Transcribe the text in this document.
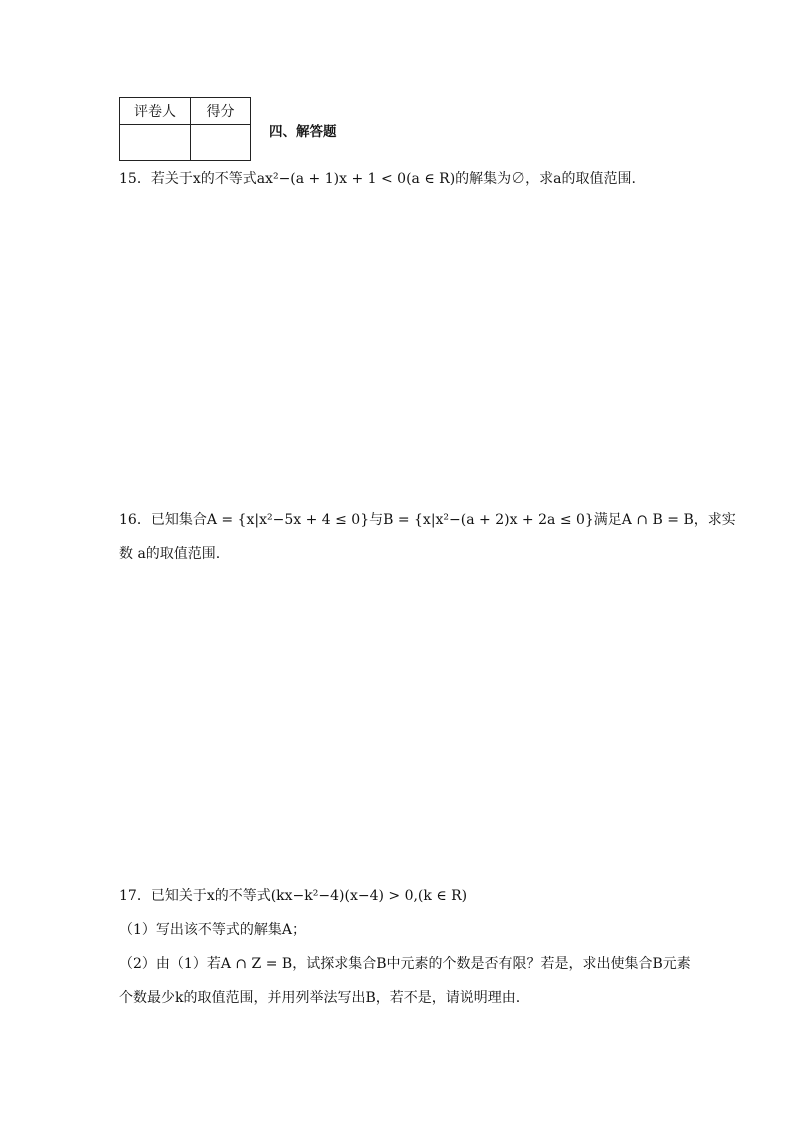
评卷人	得分

四、解答题
15．若关于x的不等式ax²−(a + 1)x + 1 < 0(a ∈ R)的解集为∅，求a的取值范围.
16．已知集合A = {x|x²−5x + 4 ≤ 0}与B = {x|x²−(a + 2)x + 2a ≤ 0}满足A ∩ B = B，求实
数 a的取值范围.
17．已知关于x的不等式(kx−k²−4)(x−4) > 0,(k ∈ R)
（1）写出该不等式的解集A；
（2）由（1）若A ∩ Z = B，试探求集合B中元素的个数是否有限？若是，求出使集合B元素
个数最少k的取值范围，并用列举法写出B，若不是，请说明理由.
